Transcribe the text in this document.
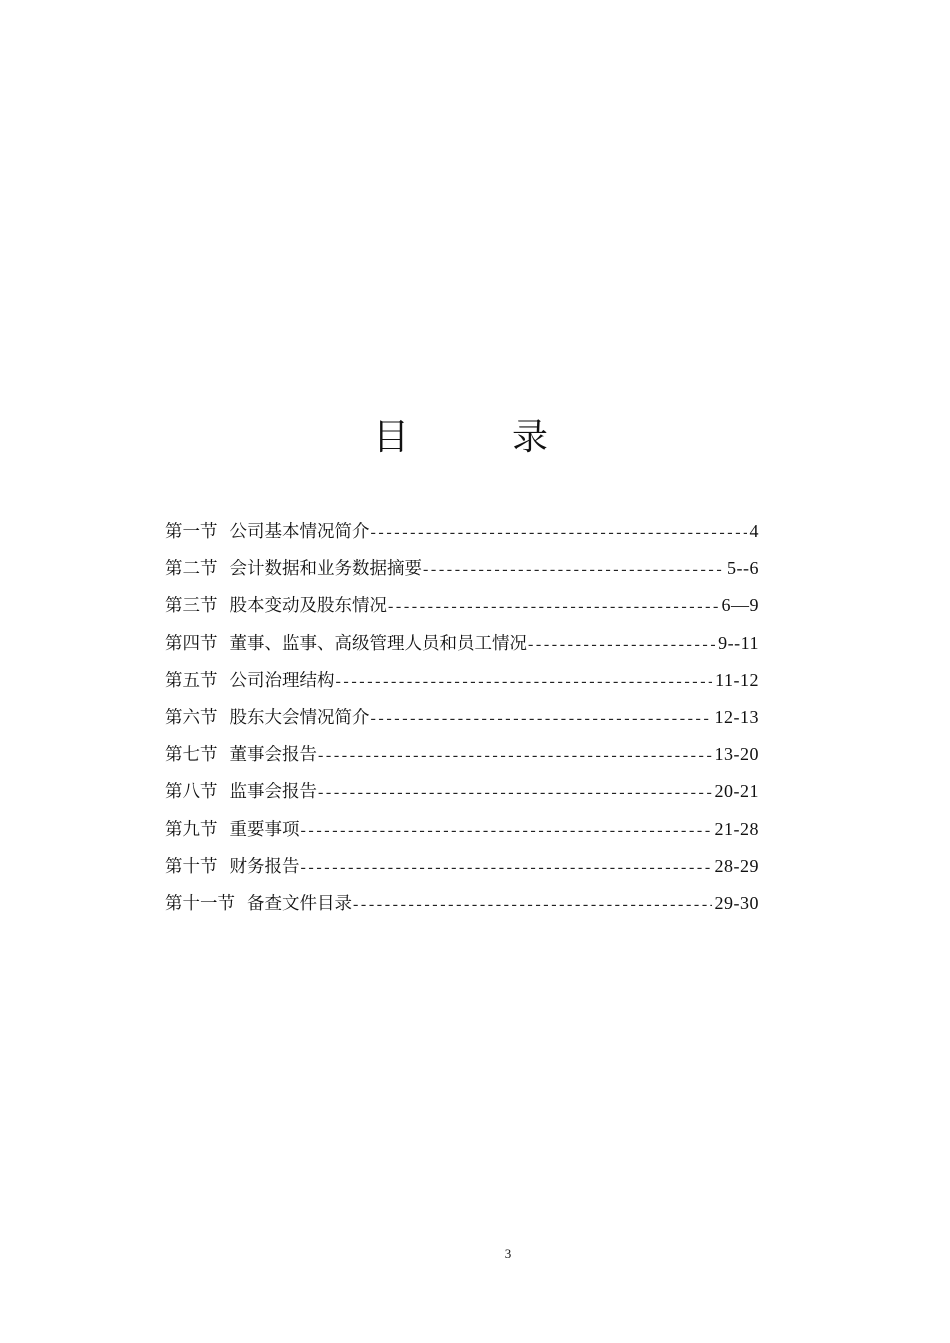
目	录
第一节 公司基本情况简介 -----	4
第二节 会计数据和业务数据摘要 -----	5--6
第三节 股本变动及股东情况 -----	6—9
第四节 董事、监事、高级管理人员和员工情况 -----	9--11
第五节 公司治理结构 -----	11-12
第六节 股东大会情况简介 -----	12-13
第七节 董事会报告 -----	13-20
第八节 监事会报告 -----	20-21
第九节 重要事项 -----	21-28
第十节 财务报告 -----	28-29
第十一节 备查文件目录 -----	29-30
3
